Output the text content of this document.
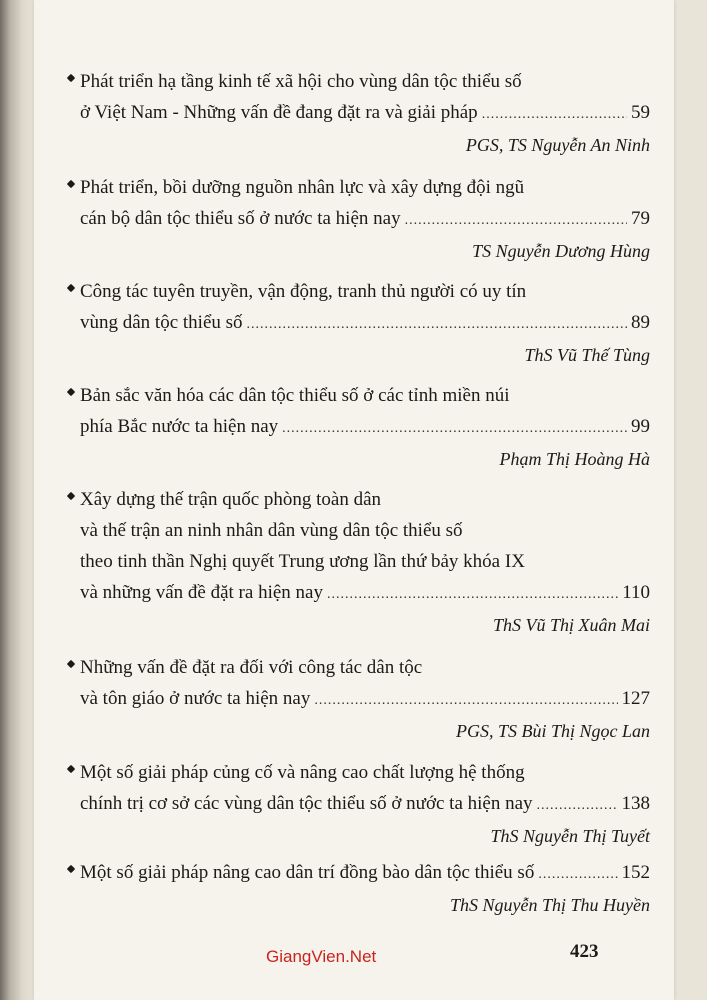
Phát triển hạ tầng kinh tế xã hội cho vùng dân tộc thiểu số
ở Việt Nam - Những vấn đề đang đặt ra và giải pháp .....	59
PGS, TS Nguyễn An Ninh
Phát triển, bồi dưỡng nguồn nhân lực và xây dựng đội ngũ
cán bộ dân tộc thiểu số ở nước ta hiện nay .....	79
TS Nguyễn Dương Hùng
Công tác tuyên truyền, vận động, tranh thủ người có uy tín
vùng dân tộc thiểu số .....	89
ThS Vũ Thế Tùng
Bản sắc văn hóa các dân tộc thiểu số ở các tỉnh miền núi
phía Bắc nước ta hiện nay .....	99
Phạm Thị Hoàng Hà
Xây dựng thế trận quốc phòng toàn dân
và thế trận an ninh nhân dân vùng dân tộc thiểu số
theo tinh thần Nghị quyết Trung ương lần thứ bảy khóa IX
và những vấn đề đặt ra hiện nay .....	110
ThS Vũ Thị Xuân Mai
Những vấn đề đặt ra đối với công tác dân tộc
và tôn giáo ở nước ta hiện nay .....	127
PGS, TS Bùi Thị Ngọc Lan
Một số giải pháp củng cố và nâng cao chất lượng hệ thống
chính trị cơ sở các vùng dân tộc thiểu số ở nước ta hiện nay .....	138
ThS Nguyễn Thị Tuyết
Một số giải pháp nâng cao dân trí đồng bào dân tộc thiểu số .....	152
ThS Nguyễn Thị Thu Huyền
GiangVien.Net	423
